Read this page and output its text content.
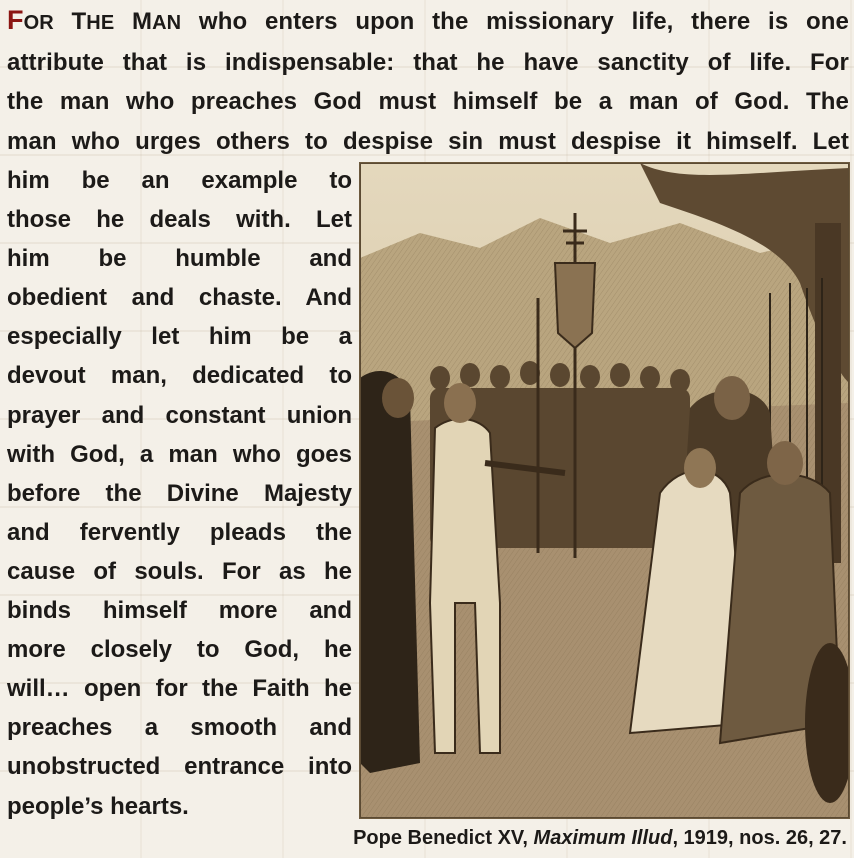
FOR THE MAN who enters upon the missionary life, there is one
attribute that is indispensable: that he have sanctity of life. For
the man who preaches God must himself be a man of God. The
man who urges others to despise sin must despise it himself. Let
him be an example to
those he deals with. Let
him be humble and
obedient and chaste. And
especially let him be a
devout man, dedicated to
prayer and constant union
with God, a man who goes
before the Divine Majesty
and fervently pleads the
cause of souls. For as he
binds himself more and
more closely to God, he
will… open for the Faith he
preaches a smooth and
unobstructed entrance into
people’s hearts.
Pope Benedict XV, Maximum Illud, 1919, nos. 26, 27.
